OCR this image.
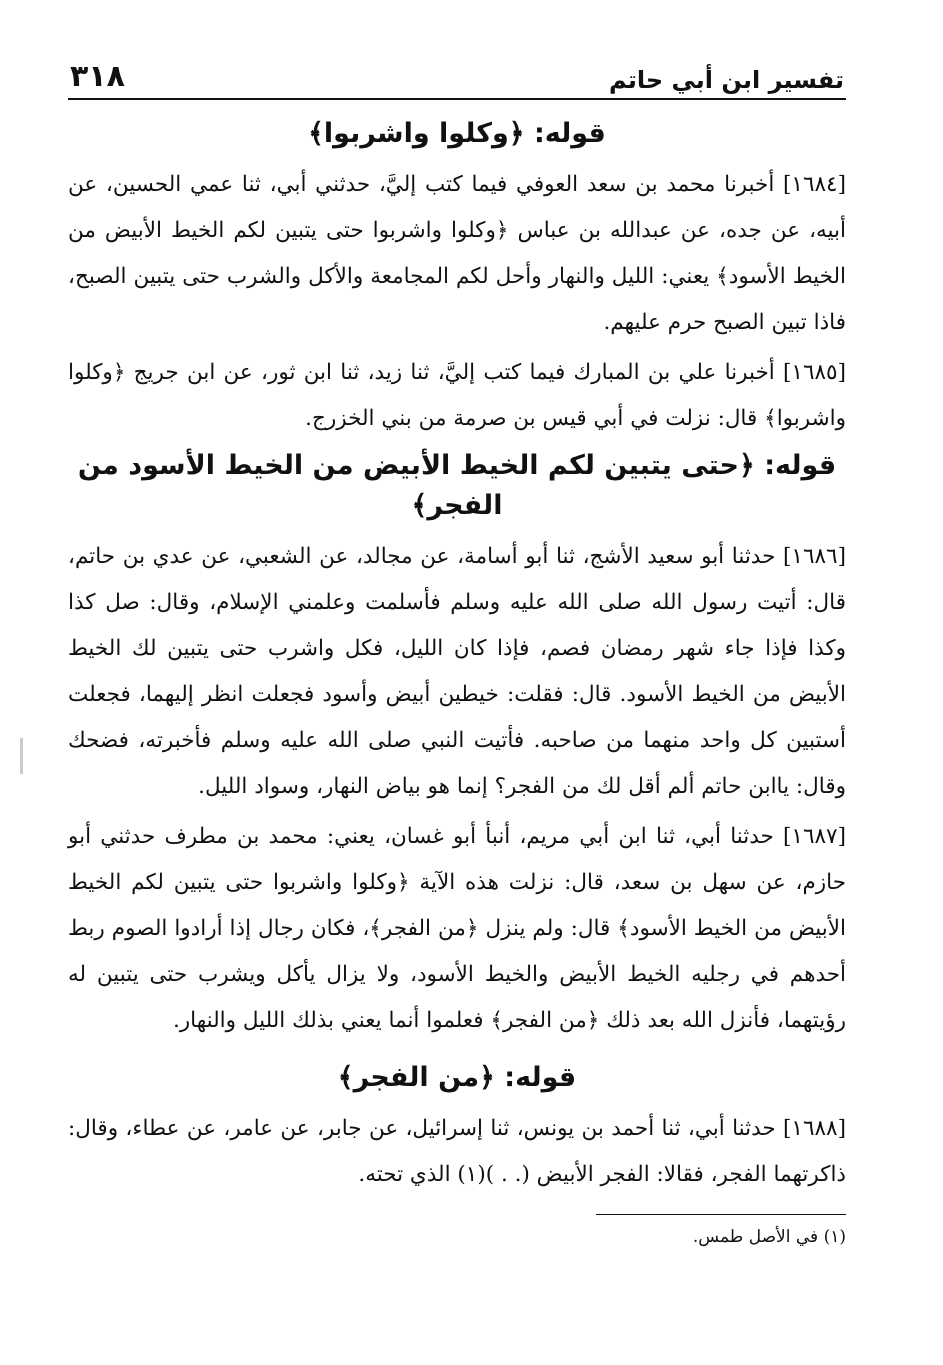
تفسير ابن أبي حاتم
٣١٨
قوله: ﴿وكلوا واشربوا﴾

[١٦٨٤] أخبرنا محمد بن سعد العوفي فيما كتب إليَّ، حدثني أبي، ثنا عمي الحسين، عن أبيه، عن جده، عن عبدالله بن عباس ﴿وكلوا واشربوا حتى يتبين لكم الخيط الأبيض من الخيط الأسود﴾ يعني: الليل والنهار وأحل لكم المجامعة والأكل والشرب حتى يتبين الصبح، فاذا تبين الصبح حرم عليهم.

[١٦٨٥] أخبرنا علي بن المبارك فيما كتب إليَّ، ثنا زيد، ثنا ابن ثور، عن ابن جريج ﴿وكلوا واشربوا﴾ قال: نزلت في أبي قيس بن صرمة من بني الخزرج.

قوله: ﴿حتى يتبين لكم الخيط الأبيض من الخيط الأسود من الفجر﴾

[١٦٨٦] حدثنا أبو سعيد الأشج، ثنا أبو أسامة، عن مجالد، عن الشعبي، عن عدي بن حاتم، قال: أتيت رسول الله صلى الله عليه وسلم فأسلمت وعلمني الإسلام، وقال: صل كذا وكذا فإذا جاء شهر رمضان فصم، فإذا كان الليل، فكل واشرب حتى يتبين لك الخيط الأبيض من الخيط الأسود. قال: فقلت: خيطين أبيض وأسود فجعلت انظر إليهما، فجعلت أستبين كل واحد منهما من صاحبه. فأتيت النبي صلى الله عليه وسلم فأخبرته، فضحك وقال: ياابن حاتم ألم أقل لك من الفجر؟ إنما هو بياض النهار، وسواد الليل.

[١٦٨٧] حدثنا أبي، ثنا ابن أبي مريم، أنبأ أبو غسان، يعني: محمد بن مطرف حدثني أبو حازم، عن سهل بن سعد، قال: نزلت هذه الآية ﴿وكلوا واشربوا حتى يتبين لكم الخيط الأبيض من الخيط الأسود﴾ قال: ولم ينزل ﴿من الفجر﴾، فكان رجال إذا أرادوا الصوم ربط أحدهم في رجليه الخيط الأبيض والخيط الأسود، ولا يزال يأكل ويشرب حتى يتبين له رؤيتهما، فأنزل الله بعد ذلك ﴿من الفجر﴾ فعلموا أنما يعني بذلك الليل والنهار.

قوله: ﴿من الفجر﴾

[١٦٨٨] حدثنا أبي، ثنا أحمد بن يونس، ثنا إسرائيل، عن جابر، عن عامر، عن عطاء، وقال: ذاكرتهما الفجر، فقالا: الفجر الأبيض (. . )(١) الذي تحته.

(١) في الأصل طمس.
